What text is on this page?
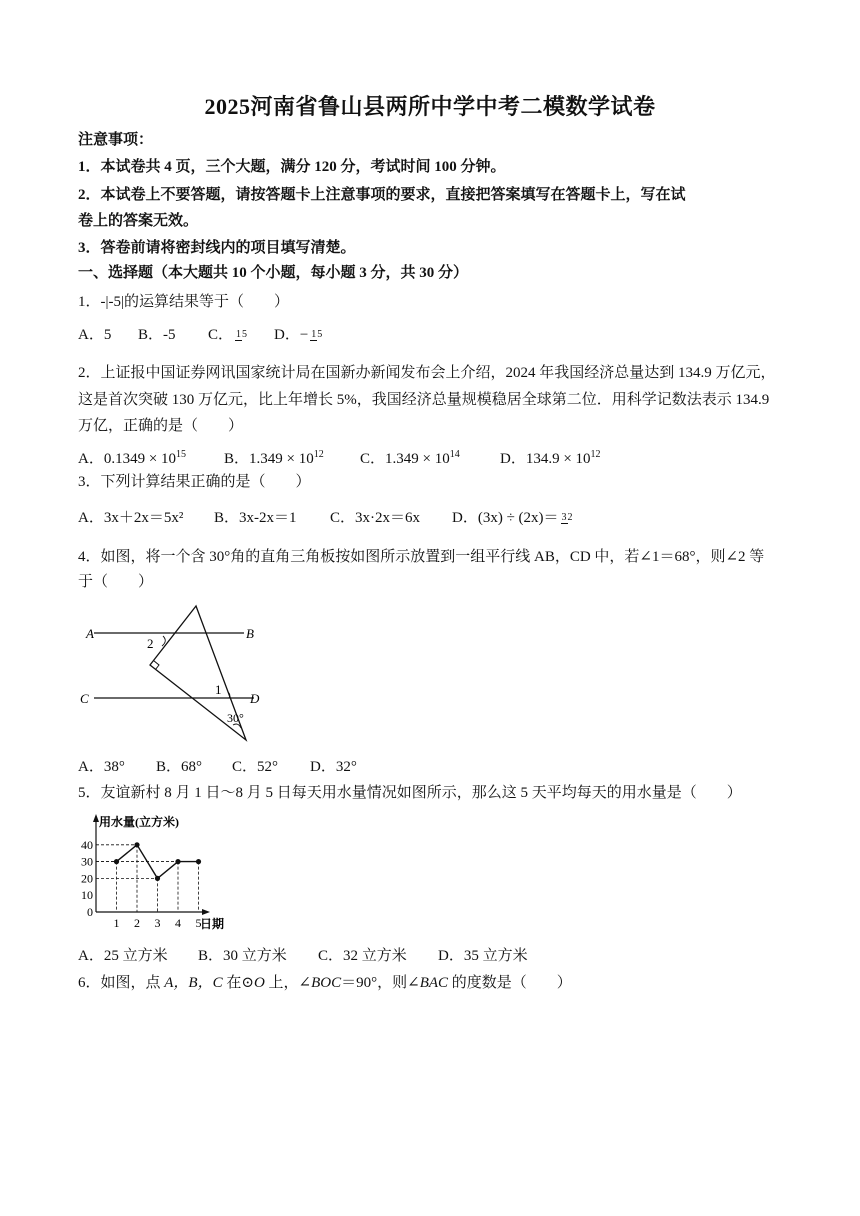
2025河南省鲁山县两所中学中考二模数学试卷
注意事项：
1．本试卷共 4 页，三个大题，满分 120 分，考试时间 100 分钟。
2．本试卷上不要答题，请按答题卡上注意事项的要求，直接把答案填写在答题卡上，写在试
卷上的答案无效。
3．答卷前请将密封线内的项目填写清楚。
一、选择题（本大题共 10 个小题，每小题 3 分，共 30 分）
1．-|-5|的运算结果等于（　　）
A．5 B．-5 C． 15 D．− 15
2．上证报中国证券网讯国家统计局在国新办新闻发布会上介绍，2024 年我国经济总量达到 134.9 万亿元，
这是首次突破 130 万亿元，比上年增长 5%，我国经济总量规模稳居全球第二位．用科学记数法表示 134.9
万亿，正确的是（　　）
A．$0.1349 \times 10^{15}$	B．$1.349 \times 10^{12}$ C．$1.349 \times 10^{14}$	D．$134.9 \times 10^{12}$
3．下列计算结果正确的是（　　）
A．3x＋2x＝5x² B．3x-2x＝1 C．3x·2x＝6x D．(3x) ÷ (2x)＝ 32
4．如图，将一个含 30°角的直角三角板按如图所示放置到一组平行线 AB，CD 中，若∠1＝68°，则∠2 等
于（　　）
A	B
C	D
2
1
30°
A．38° B．68° C．52° D．32°
5．友谊新村 8 月 1 日～8 月 5 日每天用水量情况如图所示，那么这 5 天平均每天的用水量是（　　）
用水量(立方米)
日期
0
10
20
30
40
1 2 3 4 5
A．25 立方米 B．30 立方米 C．32 立方米 D．35 立方米
6．如图，点 A，B，C 在⊙O 上，∠BOC＝90°，则∠BAC 的度数是（　　）
